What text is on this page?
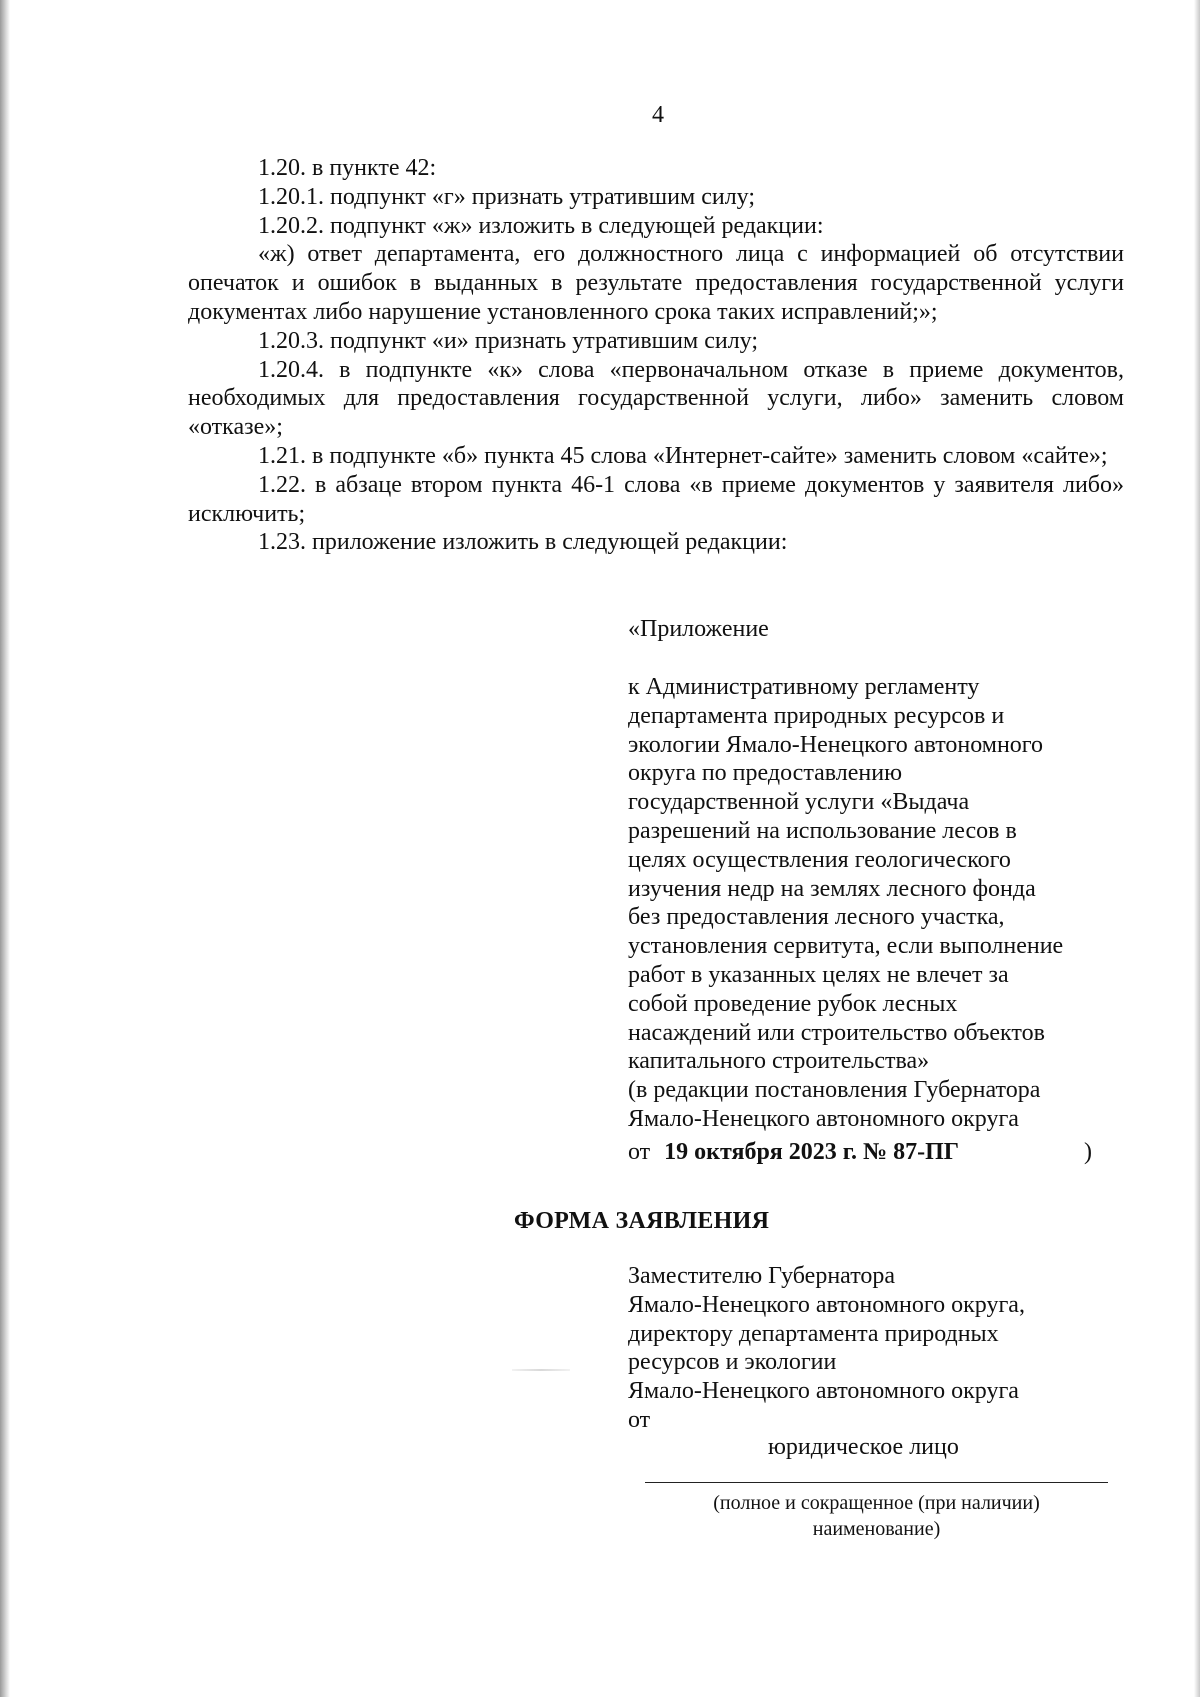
4

1.20. в пункте 42:

1.20.1. подпункт «г» признать утратившим силу;

1.20.2. подпункт «ж» изложить в следующей редакции:

«ж) ответ департамента, его должностного лица с информацией об отсутствии опечаток и ошибок в выданных в результате предоставления государственной услуги документах либо нарушение установленного срока таких исправлений;»;

1.20.3. подпункт «и» признать утратившим силу;

1.20.4. в подпункте «к» слова «первоначальном отказе в приеме документов, необходимых для предоставления государственной услуги, либо» заменить словом «отказе»;

1.21. в подпункте «б» пункта 45 слова «Интернет-сайте» заменить словом «сайте»;

1.22. в абзаце втором пункта 46-1 слова «в приеме документов у заявителя либо» исключить;

1.23. приложение изложить в следующей редакции:

«Приложение

к Административному регламенту

департамента природных ресурсов и

экологии Ямало-Ненецкого автономного

округа по предоставлению

государственной услуги «Выдача

разрешений на использование лесов в

целях осуществления геологического

изучения недр на землях лесного фонда

без предоставления лесного участка,

установления сервитута, если выполнение

работ в указанных целях не влечет за

собой проведение рубок лесных

насаждений или строительство объектов

капитального строительства»

(в редакции постановления Губернатора

Ямало-Ненецкого автономного округа

от 19 октября 2023 г. № 87-ПГ	)
ФОРМА ЗАЯВЛЕНИЯ

Заместителю Губернатора

Ямало-Ненецкого автономного округа,

директору департамента природных

ресурсов и экологии

Ямало-Ненецкого автономного округа

от

юридическое лицо
(полное и сокращенное (при наличии)
наименование)
